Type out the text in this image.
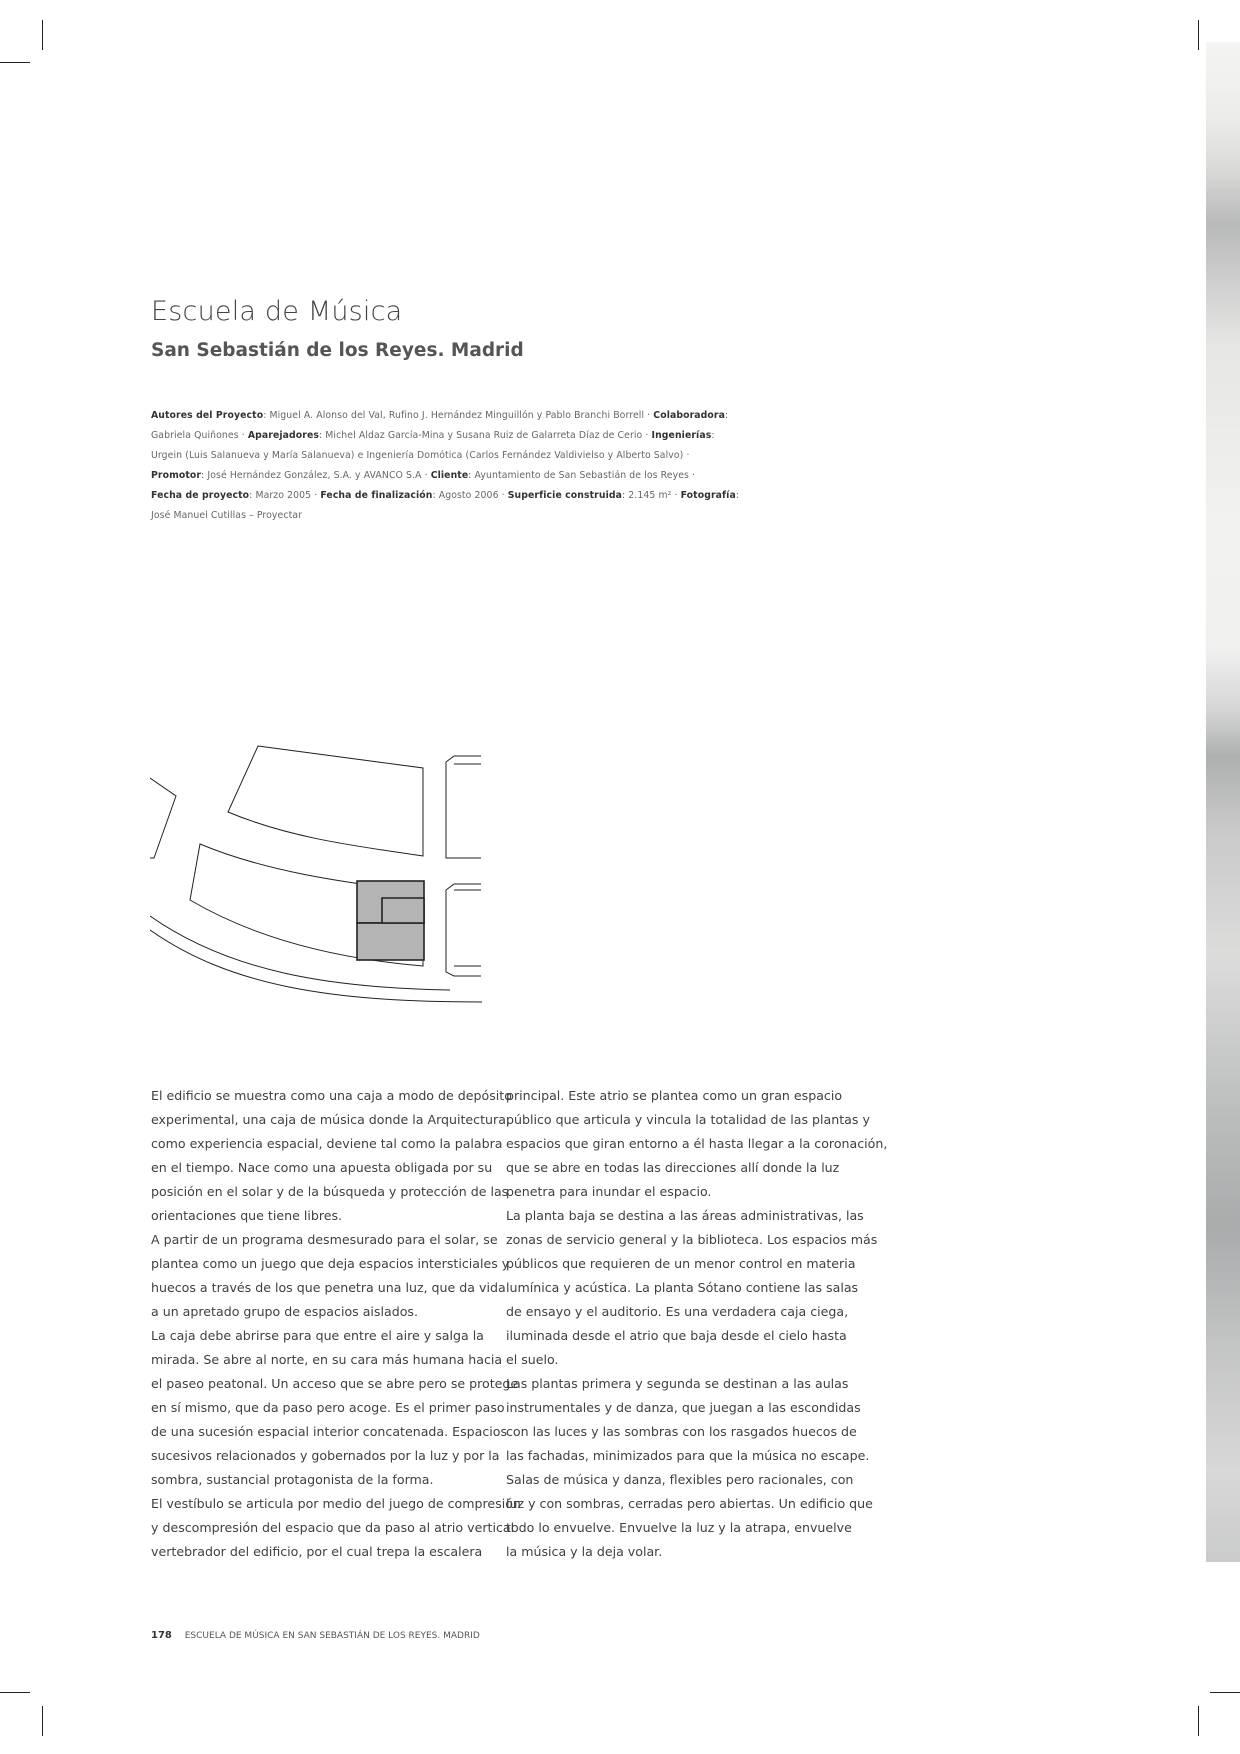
Escuela de Música
San Sebastián de los Reyes. Madrid
Autores del Proyecto: Miguel A. Alonso del Val, Rufino J. Hernández Minguillón y Pablo Branchi Borrell · Colaboradora:
Gabriela Quiñones · Aparejadores: Michel Aldaz García-Mina y Susana Ruiz de Galarreta Díaz de Cerio · Ingenierías:
Urgein (Luis Salanueva y María Salanueva) e Ingeniería Domótica (Carlos Fernández Valdivielso y Alberto Salvo) ·
Promotor: José Hernández González, S.A. y AVANCO S.A · Cliente: Ayuntamiento de San Sebastián de los Reyes ·
Fecha de proyecto: Marzo 2005 · Fecha de finalización: Agosto 2006 · Superficie construida: 2.145 m² · Fotografía:
José Manuel Cutillas – Proyectar
El edificio se muestra como una caja a modo de depósito
experimental, una caja de música donde la Arquitectura,
como experiencia espacial, deviene tal como la palabra
en el tiempo. Nace como una apuesta obligada por su
posición en el solar y de la búsqueda y protección de las
orientaciones que tiene libres.
A partir de un programa desmesurado para el solar, se
plantea como un juego que deja espacios intersticiales y
huecos a través de los que penetra una luz, que da vida
a un apretado grupo de espacios aislados.
La caja debe abrirse para que entre el aire y salga la
mirada. Se abre al norte, en su cara más humana hacia
el paseo peatonal. Un acceso que se abre pero se protege
en sí mismo, que da paso pero acoge. Es el primer paso
de una sucesión espacial interior concatenada. Espacios
sucesivos relacionados y gobernados por la luz y por la
sombra, sustancial protagonista de la forma.
El vestíbulo se articula por medio del juego de compresión
y descompresión del espacio que da paso al atrio vertical
vertebrador del edificio, por el cual trepa la escalera
principal. Este atrio se plantea como un gran espacio
público que articula y vincula la totalidad de las plantas y
espacios que giran entorno a él hasta llegar a la coronación,
que se abre en todas las direcciones allí donde la luz
penetra para inundar el espacio.
La planta baja se destina a las áreas administrativas, las
zonas de servicio general y la biblioteca. Los espacios más
públicos que requieren de un menor control en materia
lumínica y acústica. La planta Sótano contiene las salas
de ensayo y el auditorio. Es una verdadera caja ciega,
iluminada desde el atrio que baja desde el cielo hasta
el suelo.
Las plantas primera y segunda se destinan a las aulas
instrumentales y de danza, que juegan a las escondidas
con las luces y las sombras con los rasgados huecos de
las fachadas, minimizados para que la música no escape.
Salas de música y danza, flexibles pero racionales, con
luz y con sombras, cerradas pero abiertas. Un edificio que
todo lo envuelve. Envuelve la luz y la atrapa, envuelve
la música y la deja volar.
178 ESCUELA DE MÚSICA EN SAN SEBASTIÁN DE LOS REYES. MADRID
